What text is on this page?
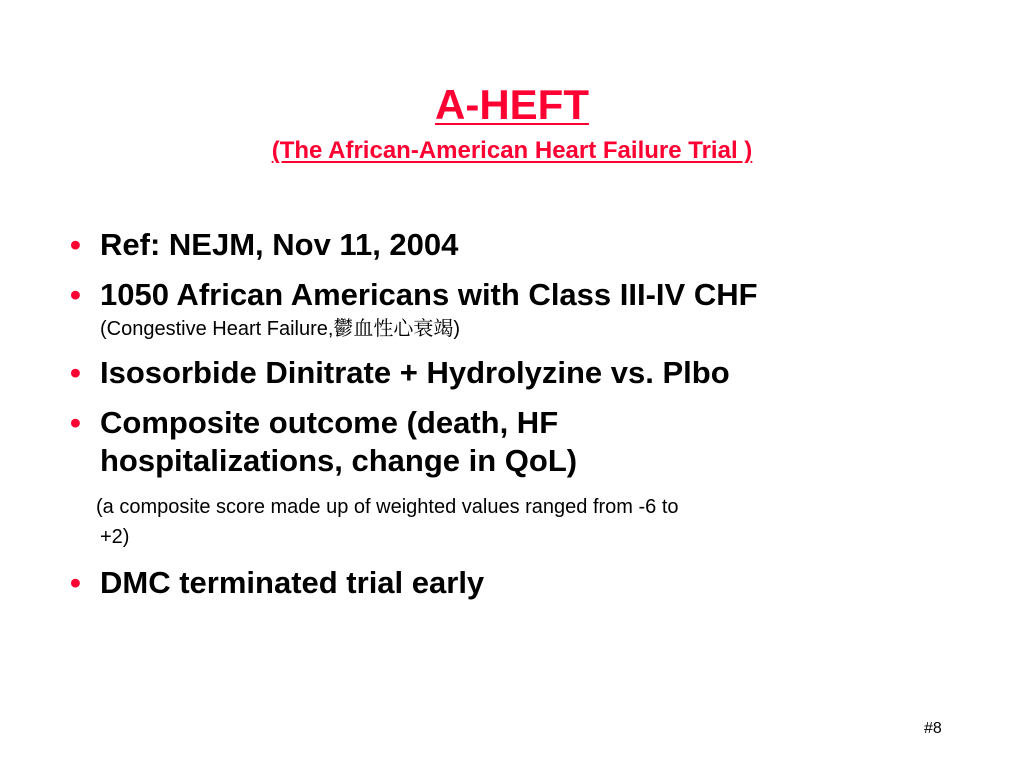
A-HEFT
(The African-American Heart Failure Trial )
• Ref: NEJM, Nov 11, 2004
• 1050 African Americans with Class III-IV CHF
(Congestive Heart Failure,鬱血性心衰竭)
• Isosorbide Dinitrate + Hydrolyzine vs. Plbo
• Composite outcome (death, HF hospitalizations, change in QoL)
(a composite score made up of weighted values ranged from -6 to
+2)
• DMC terminated trial early
#8
